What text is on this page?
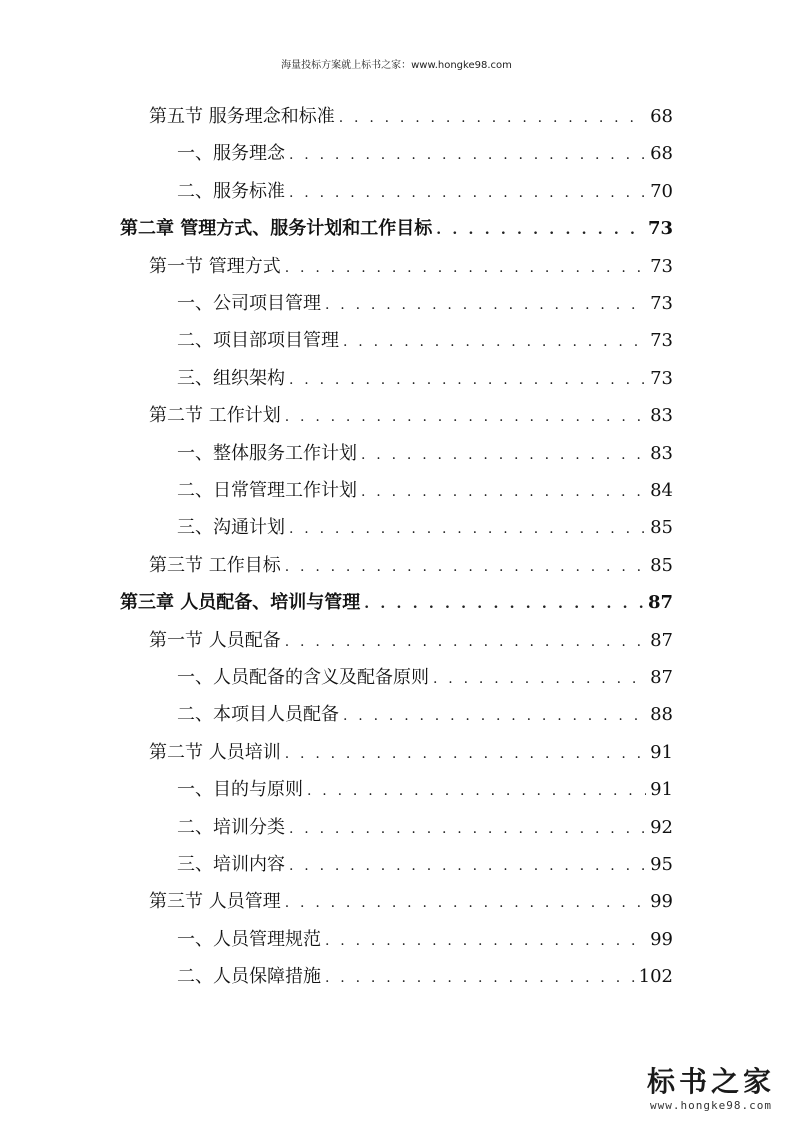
海量投标方案就上标书之家：www.hongke98.com
第五节 服务理念和标准 . . .	68
一、服务理念 . . .	68
二、服务标准 . . .	70
第二章 管理方式、服务计划和工作目标 . . .	73
第一节 管理方式 . . .	73
一、公司项目管理 . . .	73
二、项目部项目管理 . . .	73
三、组织架构 . . .	73
第二节 工作计划 . . .	83
一、整体服务工作计划 . . .	83
二、日常管理工作计划 . . .	84
三、沟通计划 . . .	85
第三节 工作目标 . . .	85
第三章 人员配备、培训与管理 . . .	87
第一节 人员配备 . . .	87
一、人员配备的含义及配备原则 . . .	87
二、本项目人员配备 . . .	88
第二节 人员培训 . . .	91
一、目的与原则 . . .	91
二、培训分类 . . .	92
三、培训内容 . . .	95
第三节 人员管理 . . .	99
一、人员管理规范 . . .	99
二、人员保障措施 . . .	102
标书之家
www.hongke98.com
